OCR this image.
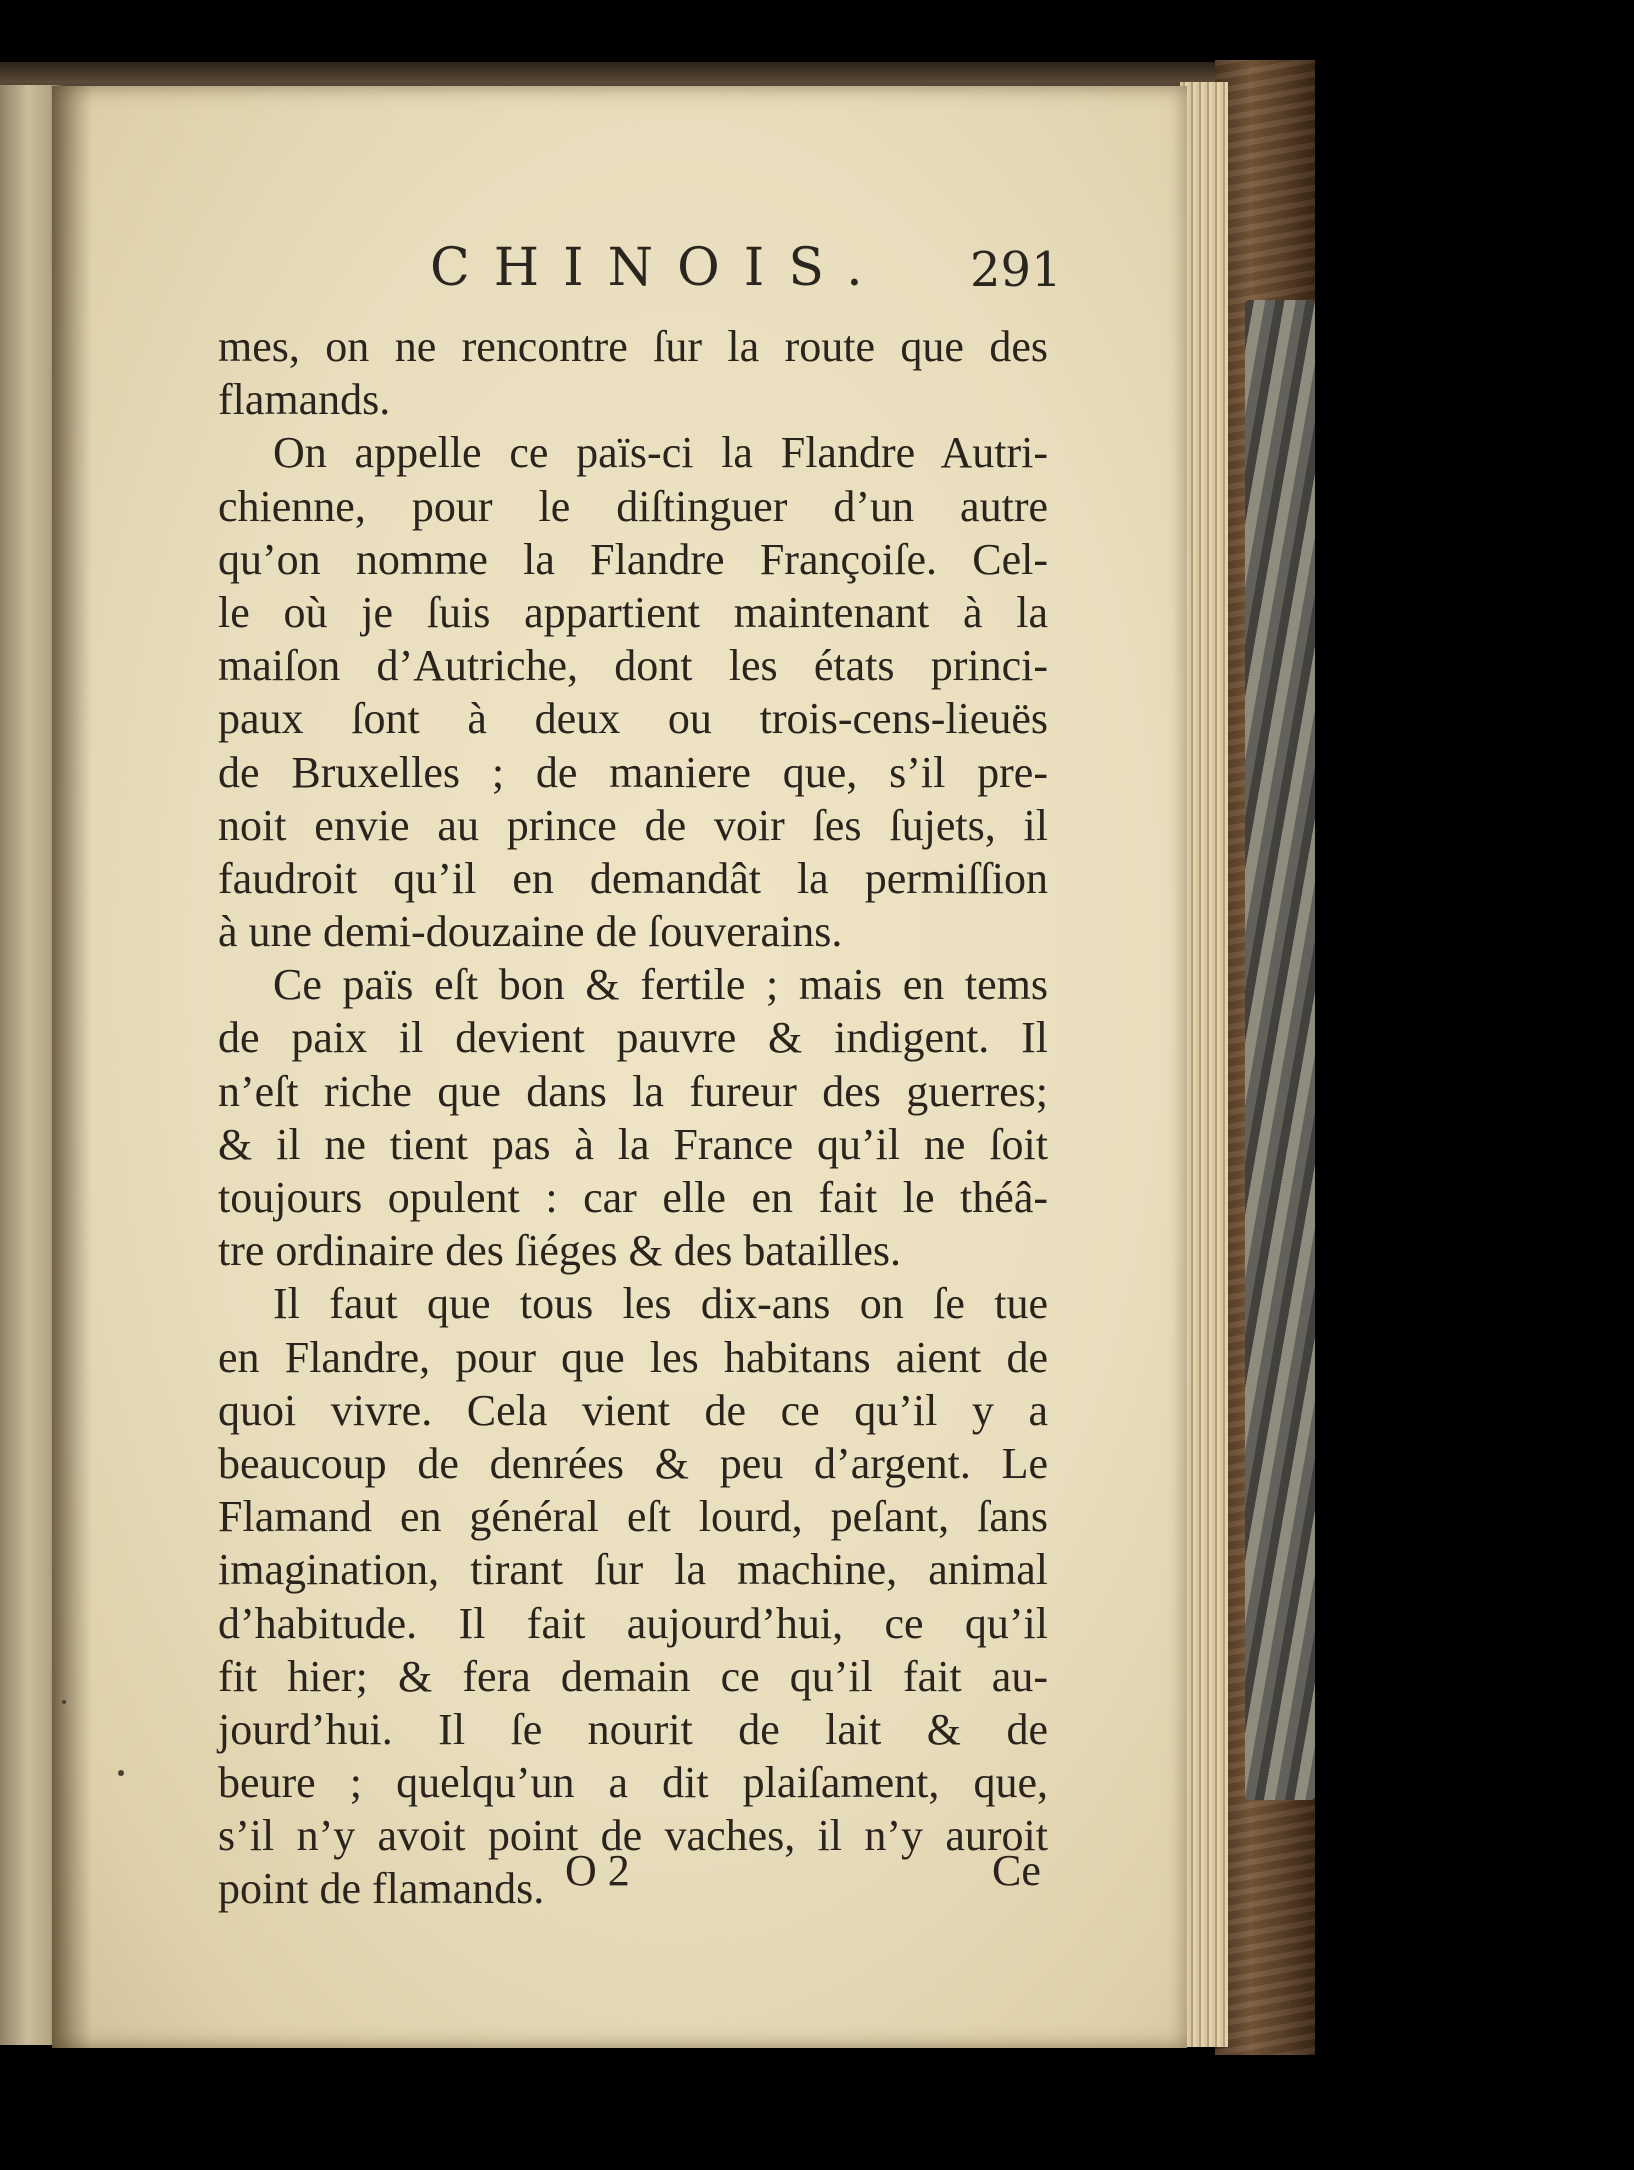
CHINOIS. 291
mes, on ne rencontre ſur la route que des
flamands.
On appelle ce païs-ci la Flandre Autri-
chienne, pour le diſtinguer d’un autre
qu’on nomme la Flandre Françoiſe. Cel-
le où je ſuis appartient maintenant à la
maiſon d’Autriche, dont les états princi-
paux ſont à deux ou trois-cens-lieuës
de Bruxelles ; de maniere que, s’il pre-
noit envie au prince de voir ſes ſujets, il
faudroit qu’il en demandât la permiſſion
à une demi-douzaine de ſouverains.
Ce païs eſt bon & fertile ; mais en tems
de paix il devient pauvre & indigent. Il
n’eſt riche que dans la fureur des guerres;
& il ne tient pas à la France qu’il ne ſoit
toujours opulent : car elle en fait le théâ-
tre ordinaire des ſiéges & des batailles.
Il faut que tous les dix-ans on ſe tue
en Flandre, pour que les habitans aient de
quoi vivre. Cela vient de ce qu’il y a
beaucoup de denrées & peu d’argent. Le
Flamand en général eſt lourd, peſant, ſans
imagination, tirant ſur la machine, animal
d’habitude. Il fait aujourd’hui, ce qu’il
fit hier; & fera demain ce qu’il fait au-
jourd’hui. Il ſe nourit de lait & de
beure ; quelqu’un a dit plaiſament, que,
s’il n’y avoit point de vaches, il n’y auroit
point de flamands. O 2	Ce
